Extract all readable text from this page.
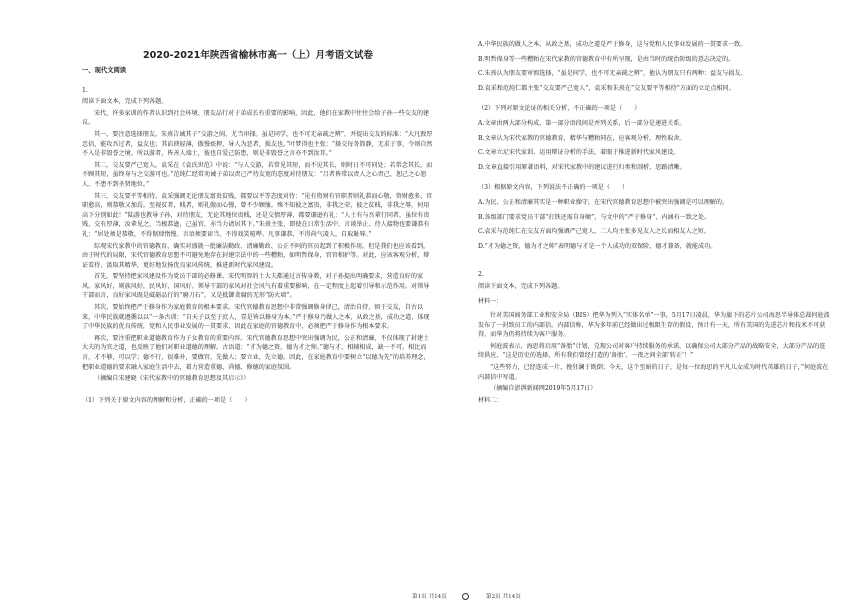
2020-2021年陕西省榆林市高一（上）月考语文试卷
一、现代文阅读
1.

阅读下面文本，完成下列各题。

宋代，许多家训的作者认识到社会环境、朋友品行对于弟成长有重要的影响，因此，他们在家教中往往会给子孙一些交友的建议。

其一，要注意选择朋友。朱熹告诫其子“交游之间，尤当审择。虽是同学，也不可无亲疏之辨”，并提出交友的标准：“大凡敦厚忠信，能攻吾过者，益友也；其谄谀轻薄，傲慢亵狎，导人为恶者，损友也。”叶梦得也主张：“择交每务简静，无求于事，令则自然不入是非毁誉之境。所以游者，皆善人端士，彼也自爱己防患，则是非毁誉之言亦不到汝耳。”

其二，交友要严己宽人。袁采在《袁氏世范》中说：“与人交游，若常见其短，而不见其长，则时日不可同处；若常念其长，而不顾其短，虽终身与之交游可也。”范纯仁经常劝诫子弟以责己严待友宽的态度对待朋友：“吕者皆常以责人之心责己，恕己之心恕人，不患不到圣贤地位。”

其三，交友要平等相待。袁采强调无论朋友富贵贫贱，都要以平等态度对待：“见有资财有官职者则礼恭而心敬，资财愈多，官职愈高，则恭敬又加焉。至视贫者，贱者，则礼傲而心慢，曾不少顾恤。殊不知彼之富贵，非我之荣，彼之贫贱，非我之辱，何用高下分别如此！”陆游也教导子孙，对待朋友，无论其地位贵贱，还是交情厚薄，都要谦逊有礼：“人士有与吾辈行同者，虽位有贵贱，交有厚薄，汝辈见之，当极恭逊，己虽官，亦当力请居其下。”朱熹主张，即使在日常生活中，言谈举止、待人接物也要谦恭有礼：“居处须是恭敬，不得倨肆惰慢。言语须要谛当，不得戏笑喧哗。凡事谦恭，不得尚气凌人，自取耻辱。”

综观宋代家教中的官德教育，确实对盛就一批廉洁勤政、清廉勤政、公正不阿的官员起到了积极作用。但是我们也应该看到，由于时代的局限，宋代官德教育思想不可避免地存在封建宗法中的一些糟粕，如明哲保身，官官相护等。对此，应该客观分析，辩证看待，汲取其精华，更好地发扬优良家风传统，推进新时代家风建设。

首先，要坚持把家风建设作为党员干部的必修课。宋代明智的士大夫都通过言传身教，对子孙提出明确要求，营造良好的家风。家风好，则族风好，民风好，国风好。领导干部的家风对社会风气有着重要影响，在一定程度上起着引导和示范作用。对领导干部而言，良好家风既是砥砺品行的“磨刀石”，又是抵御贪腐的无形“防火墙”。

其次，要始终把严于修身作为家庭教育的根本要求。宋代官德教育思想中非常强调修身律己，清治自持，慎于交友，自古以来，中华民族就遵循以以“一条古训：“自天子以至于庶人，壹是皆以修身为本。”严于修身乃做人之本，从政之基，成功之道，体现了中华民族的优良传统，党和人民事业发展的一贯要求，因此在家庭的官德教育中，必须把严于修身作为根本要求。

再次，要注重把职业道德教育作为子女教育的重要内容。宋代官德教育思想中突出强调为民，公正和清廉，不仅体现了封建士大夫的为官之道，也反映了他们对职业道德的理解。古语道：“才为德之资，德为才之帅。”德与才，相辅相成，缺一不可。相比而言，才不够，可以学；德不行，很难补，要做官，先做人；要立业，先立德。因此，在家庭教育中要树立“以德为先”的培养理念，把职业道德的要求融入家庭生活中去，着力营造重德、尚德、修德的家庭氛围。

（摘编自宋建晓《宋代家教中的官德教育思想及其启示》）

（1）下列关于原文内容的理解和分析，正确的一项是（　　）

A.中华民族的做人之本，从政之基，成功之道是严于修身，这与党和人民事业发展的一贯要求一致。
B.明哲保身等一些糟粕在宋代家教的官德教育中有所呈现，是由当时的统治阶级的意志决定的。
C.朱熹认为朋友要审慎选择，“虽是同学，也不可无亲疏之辨”，他认为朋友只有两种：益友与损友。
D.袁采和范纯仁都主张“交友要严己宽人”，袁采和朱熹在“交友要平等相待”方面的立足点相同。
（2）下列对原文论证的相关分析，不正确的一项是（　　）
A.文章由两大部分构成，第一部分语段间是并列关系，后一部分是递进关系。
B.文章认为宋代家教的官德教育，精华与糟粕同在，应客观分析，理性取舍。
C.文章立足宋代家训，运用辩证分析的手法，着眼于推进新时代家风建设。
D.文章直接引用原著语料，对宋代家教中的建议进行归类和剖析，思路清晰。
（3）根据原文内容，下列说法不正确的一项是（　　）
A.为民、公正和清廉其实是一种职业操守，在宋代官德教育思想中被突出强调是可以理解的。
B.各级部门要求党员干部“打铁还需自身硬”，与文中的“严于修身”，内涵有一致之处。
C.袁采与范纯仁在交友方面均强调严己宽人，二人均主张多见友人之长而相友人之短。
D.“才为德之资，德为才之帅”表明德与才是一个人成功的双保险，德才兼备，就能成功。
2.
阅读下面文本，完成下列各题。
材料一：

针对美国商务部工业和安全局（BIS）把华为列入“实体名单”一事，5月17日凌晨，华为旗下的芯片公司海思半导体总裁何庭波发布了一封致员工的内部信。内部信称，华为多年前已经做出过极限生存的假设，预计有一天，所有美国的先进芯片和技术不可获得，而华为仍将持续为客户服务。

何庭波表示，海思将启用“备胎”计划，兑现公司对客户持续服务的承诺，以确保公司大部分产品的战略安全，大部分产品的连续供应，“这是历史的选择，所有我们曾经打造的‘备胎’，一夜之间全部‘转正’！”

“这些努力，已经连成一片，挽狂澜于既倒；今天，这个至暗的日子，是每一位海思的平凡儿女成为时代英雄的日子，”何庭波在内部信中写道。

（摘编自澎湃新闻网2019年5月17日）

材料二：
第1页 共14页	第2页 共14页
